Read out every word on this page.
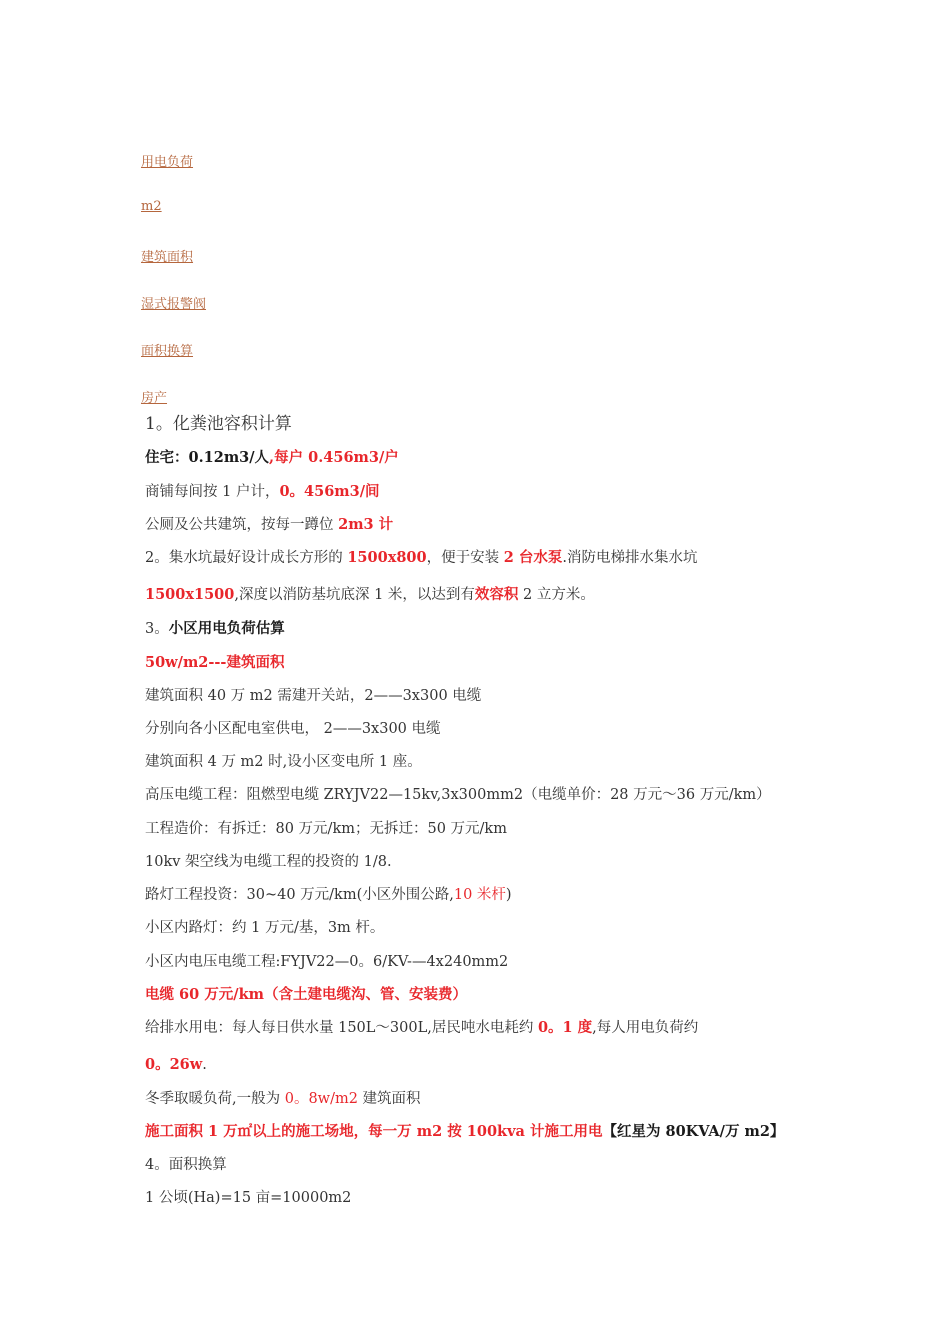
用电负荷
m2
建筑面积
湿式报警阀
面积换算
房产
1。化粪池容积计算
住宅：0.12m3/人,每户 0.456m3/户
商铺每间按 1 户计，0。456m3/间
公厕及公共建筑，按每一蹲位 2m3 计
2。集水坑最好设计成长方形的 1500x800，便于安装 2 台水泵.消防电梯排水集水坑
1500x1500,深度以消防基坑底深 1 米，以达到有效容积 2 立方米。
3。小区用电负荷估算
50w/m2---建筑面积
建筑面积 40 万 m2 需建开关站，2——3x300 电缆
分别向各小区配电室供电， 2——3x300 电缆
建筑面积 4 万 m2 时,设小区变电所 1 座。
高压电缆工程：阻燃型电缆 ZRYJV22—15kv,3x300mm2（电缆单价：28 万元～36 万元/km）
工程造价：有拆迁：80 万元/km；无拆迁：50 万元/km
10kv 架空线为电缆工程的投资的 1/8.
路灯工程投资：30~40 万元/km(小区外围公路,10 米杆)
小区内路灯：约 1 万元/基，3m 杆。
小区内电压电缆工程:FYJV22—0。6/KV-—4x240mm2
电缆 60 万元/km（含土建电缆沟、管、安装费）
给排水用电：每人每日供水量 150L～300L,居民吨水电耗约 0。1 度,每人用电负荷约
0。26w.
冬季取暖负荷,一般为 0。8w/m2 建筑面积
施工面积 1 万㎡以上的施工场地，每一万 m2 按 100kva 计施工用电【红星为 80KVA/万 m2】
4。面积换算
1 公顷(Ha)=15 亩=10000m2
